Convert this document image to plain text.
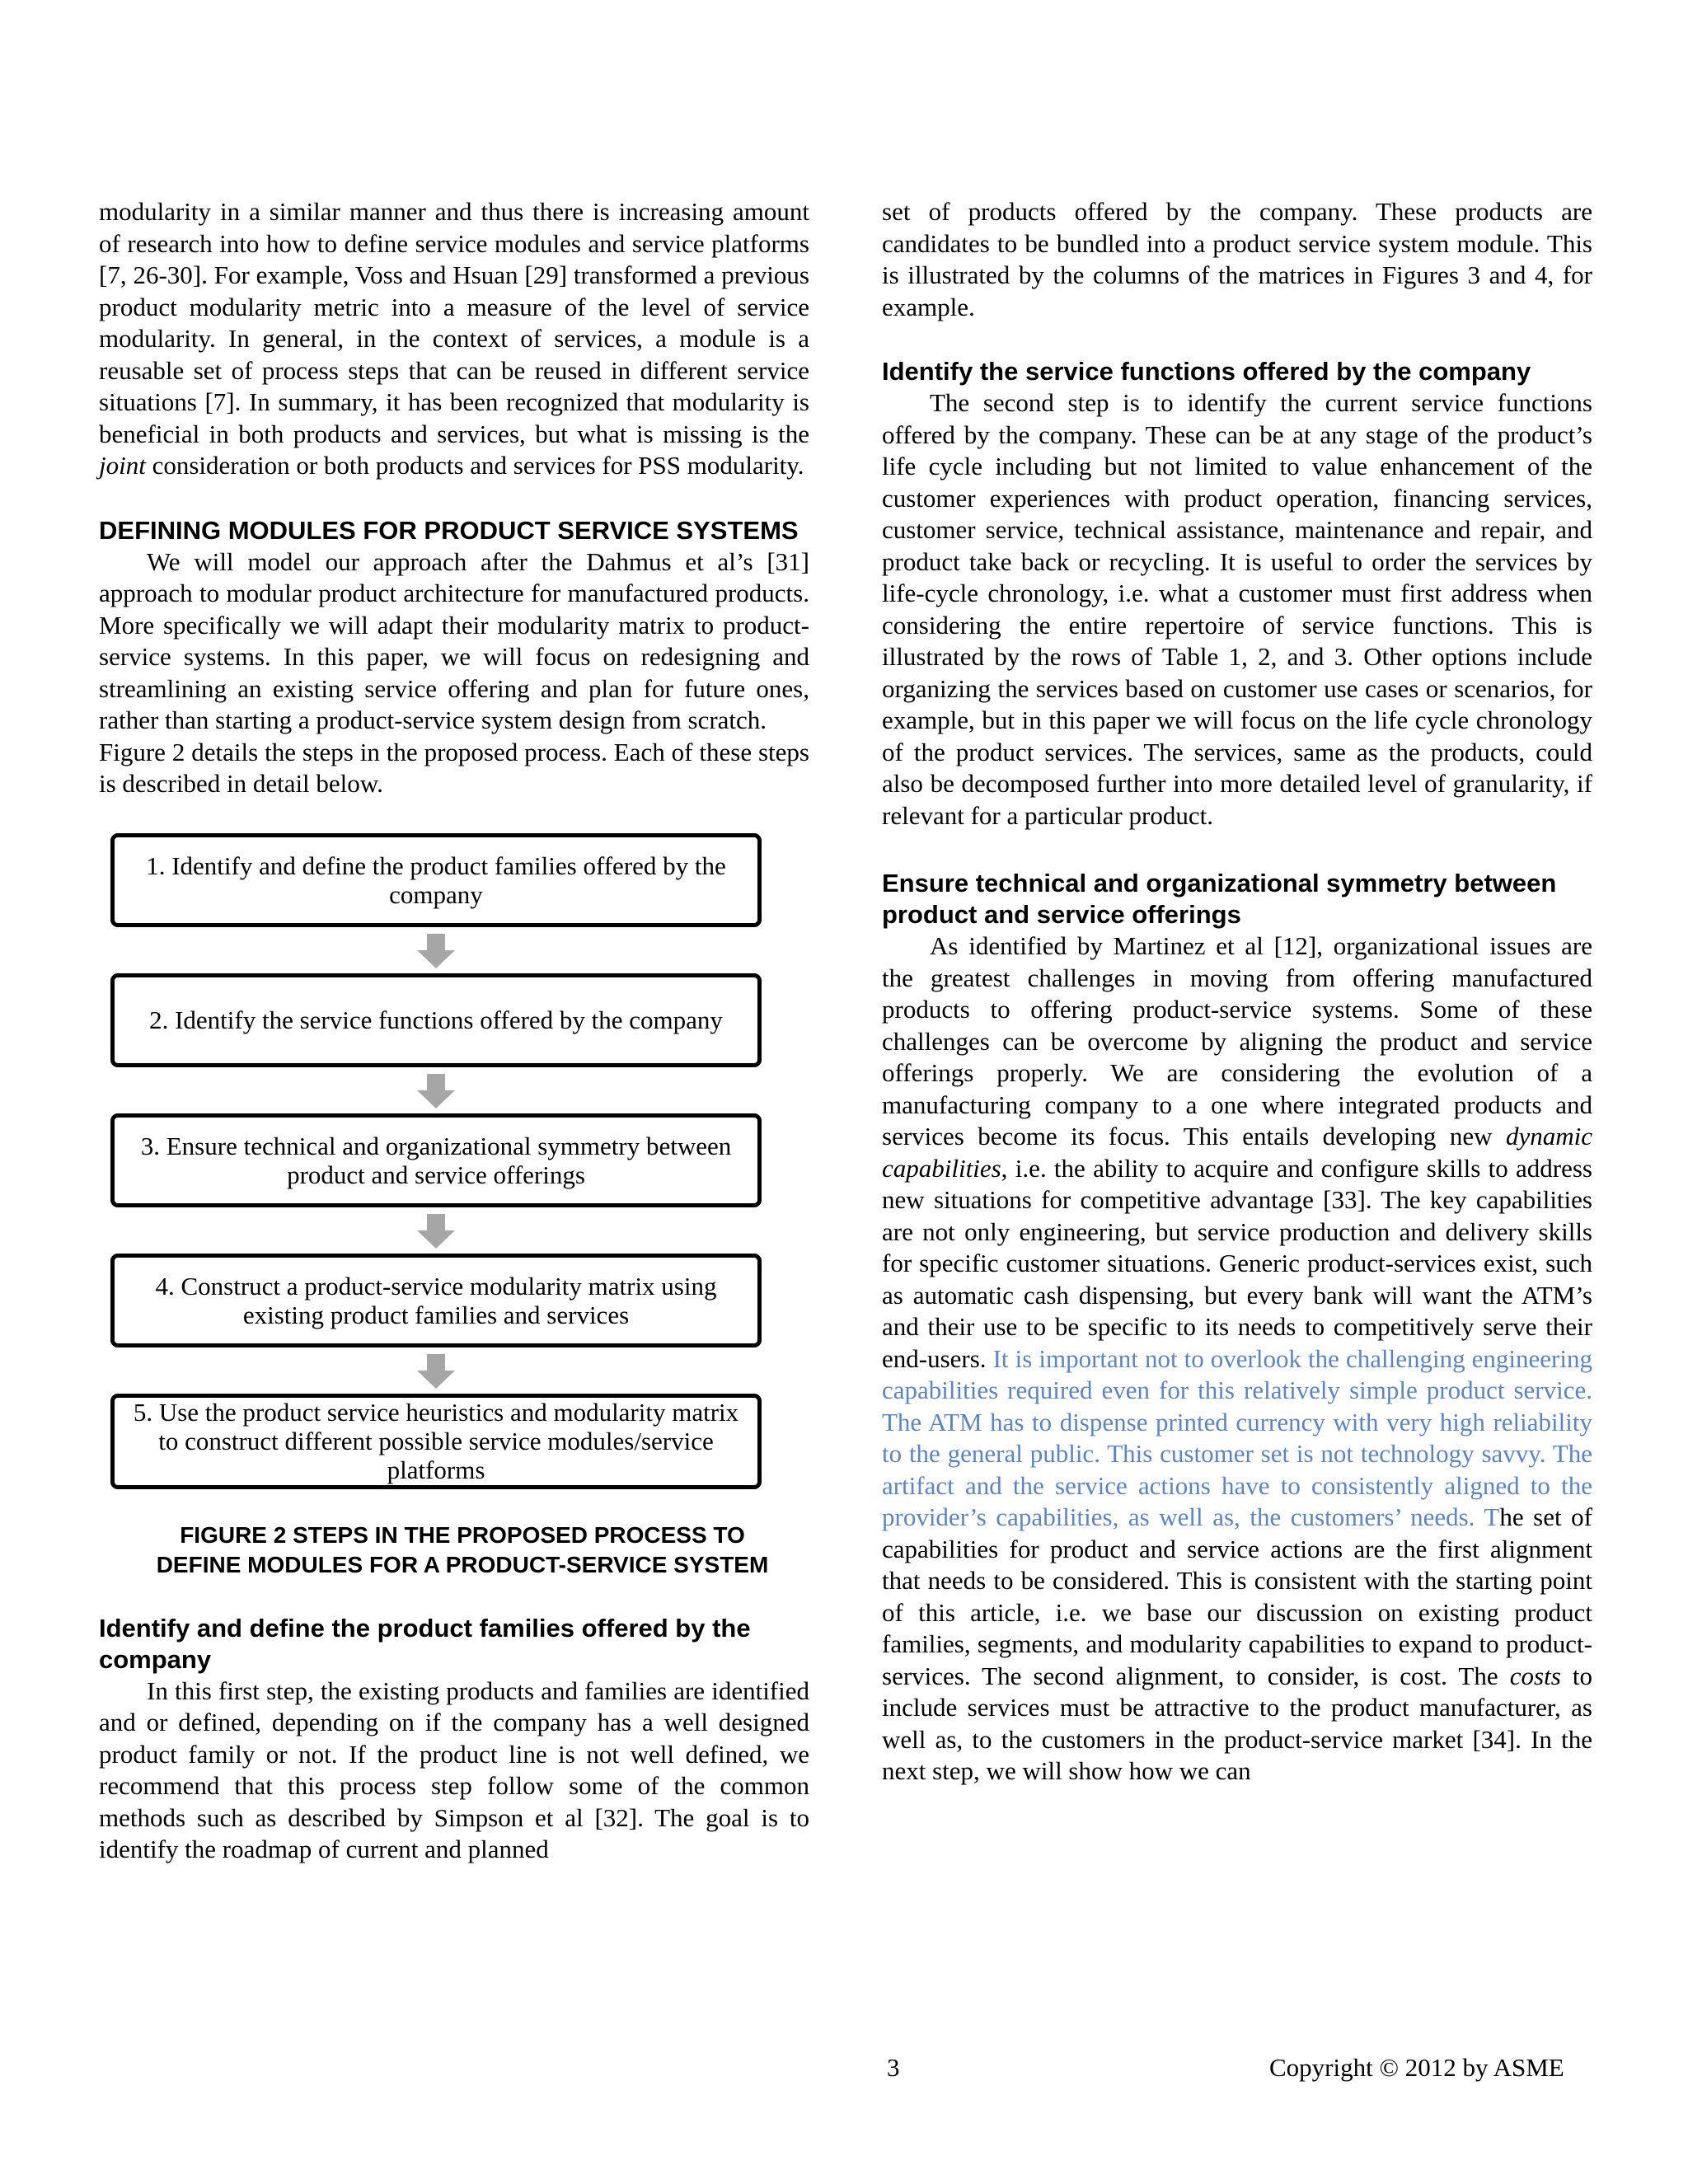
modularity in a similar manner and thus there is increasing amount of research into how to define service modules and service platforms [7, 26-30]. For example, Voss and Hsuan [29] transformed a previous product modularity metric into a measure of the level of service modularity. In general, in the context of services, a module is a reusable set of process steps that can be reused in different service situations [7]. In summary, it has been recognized that modularity is beneficial in both products and services, but what is missing is the joint consideration or both products and services for PSS modularity.

DEFINING MODULES FOR PRODUCT SERVICE SYSTEMS

We will model our approach after the Dahmus et al’s [31] approach to modular product architecture for manufactured products. More specifically we will adapt their modularity matrix to product-service systems. In this paper, we will focus on redesigning and streamlining an existing service offering and plan for future ones, rather than starting a product-service system design from scratch.

Figure 2 details the steps in the proposed process. Each of these steps is described in detail below.

1. Identify and define the product families offered by the company
2. Identify the service functions offered by the company
3. Ensure technical and organizational symmetry between product and service offerings
4. Construct a product-service modularity matrix using existing product families and services
5. Use the product service heuristics and modularity matrix to construct different possible service modules/service platforms
FIGURE 2 STEPS IN THE PROPOSED PROCESS TO
DEFINE MODULES FOR A PRODUCT-SERVICE SYSTEM
Identify and define the product families offered by the company

In this first step, the existing products and families are identified and or defined, depending on if the company has a well designed product family or not. If the product line is not well defined, we recommend that this process step follow some of the common methods such as described by Simpson et al [32]. The goal is to identify the roadmap of current and planned

set of products offered by the company. These products are candidates to be bundled into a product service system module. This is illustrated by the columns of the matrices in Figures 3 and 4, for example.

Identify the service functions offered by the company

The second step is to identify the current service functions offered by the company. These can be at any stage of the product’s life cycle including but not limited to value enhancement of the customer experiences with product operation, financing services, customer service, technical assistance, maintenance and repair, and product take back or recycling. It is useful to order the services by life-cycle chronology, i.e. what a customer must first address when considering the entire repertoire of service functions. This is illustrated by the rows of Table 1, 2, and 3. Other options include organizing the services based on customer use cases or scenarios, for example, but in this paper we will focus on the life cycle chronology of the product services. The services, same as the products, could also be decomposed further into more detailed level of granularity, if relevant for a particular product.

Ensure technical and organizational symmetry between product and service offerings

As identified by Martinez et al [12], organizational issues are the greatest challenges in moving from offering manufactured products to offering product-service systems. Some of these challenges can be overcome by aligning the product and service offerings properly. We are considering the evolution of a manufacturing company to a one where integrated products and services become its focus. This entails developing new dynamic capabilities, i.e. the ability to acquire and configure skills to address new situations for competitive advantage [33]. The key capabilities are not only engineering, but service production and delivery skills for specific customer situations. Generic product-services exist, such as automatic cash dispensing, but every bank will want the ATM’s and their use to be specific to its needs to competitively serve their end-users. It is important not to overlook the challenging engineering capabilities required even for this relatively simple product service. The ATM has to dispense printed currency with very high reliability to the general public. This customer set is not technology savvy. The artifact and the service actions have to consistently aligned to the provider’s capabilities, as well as, the customers’ needs. The set of capabilities for product and service actions are the first alignment that needs to be considered. This is consistent with the starting point of this article, i.e. we base our discussion on existing product families, segments, and modularity capabilities to expand to product-services. The second alignment, to consider, is cost. The costs to include services must be attractive to the product manufacturer, as well as, to the customers in the product-service market [34]. In the next step, we will show how we can

3	Copyright © 2012 by ASME
